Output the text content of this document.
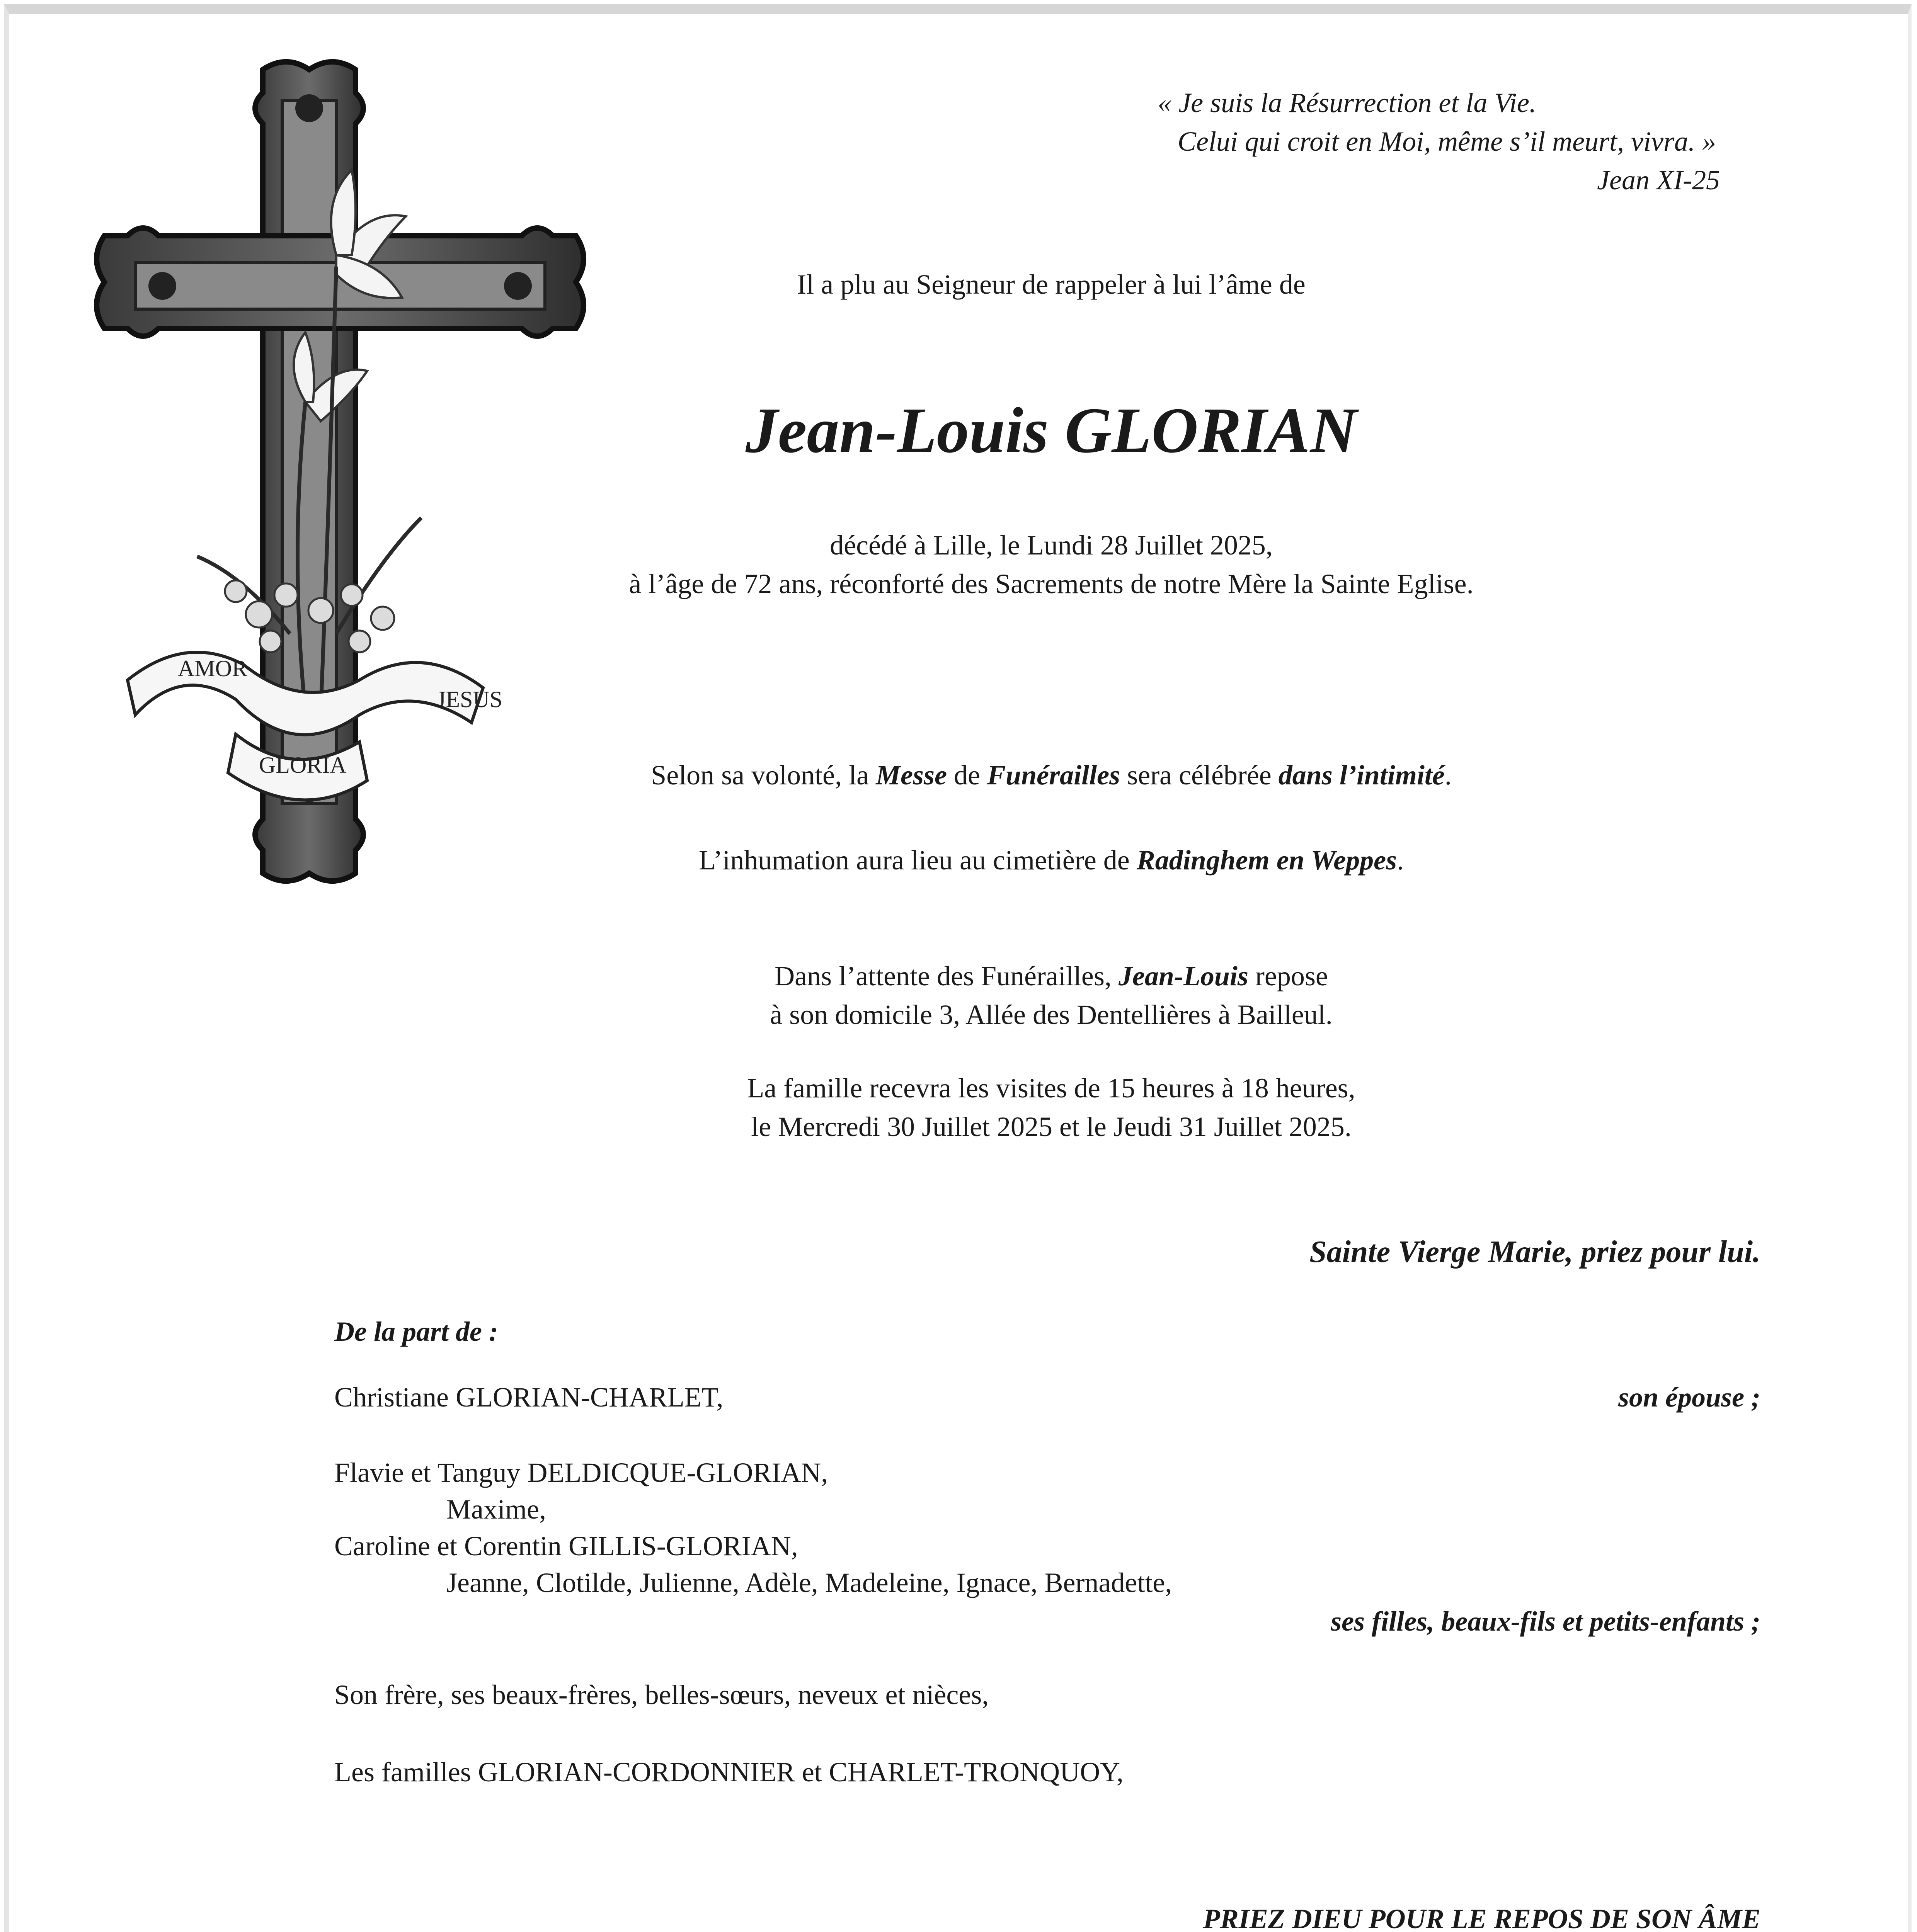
AMOR
JESUS
GLORIA
« Je suis la Résurrection et la Vie.
Celui qui croit en Moi, même s’il meurt, vivra. »
Jean XI-25
Il a plu au Seigneur de rappeler à lui l’âme de
Jean-Louis GLORIAN
décédé à Lille, le Lundi 28 Juillet 2025,
à l’âge de 72 ans, réconforté des Sacrements de notre Mère la Sainte Eglise.
Selon sa volonté, la Messe de Funérailles sera célébrée dans l’intimité.
L’inhumation aura lieu au cimetière de Radinghem en Weppes.
Dans l’attente des Funérailles, Jean-Louis repose
à son domicile 3, Allée des Dentellières à Bailleul.
La famille recevra les visites de 15 heures à 18 heures,
le Mercredi 30 Juillet 2025 et le Jeudi 31 Juillet 2025.
Sainte Vierge Marie, priez pour lui.
De la part de :
Christiane GLORIAN-CHARLET,	son épouse ;
Flavie et Tanguy DELDICQUE-GLORIAN,
Maxime,
Caroline et Corentin GILLIS-GLORIAN,
Jeanne, Clotilde, Julienne, Adèle, Madeleine, Ignace, Bernadette,
ses filles, beaux-fils et petits-enfants ;
Son frère, ses beaux-frères, belles-sœurs, neveux et nièces,
Les familles GLORIAN-CORDONNIER et CHARLET-TRONQUOY,
PRIEZ DIEU POUR LE REPOS DE SON ÂME
